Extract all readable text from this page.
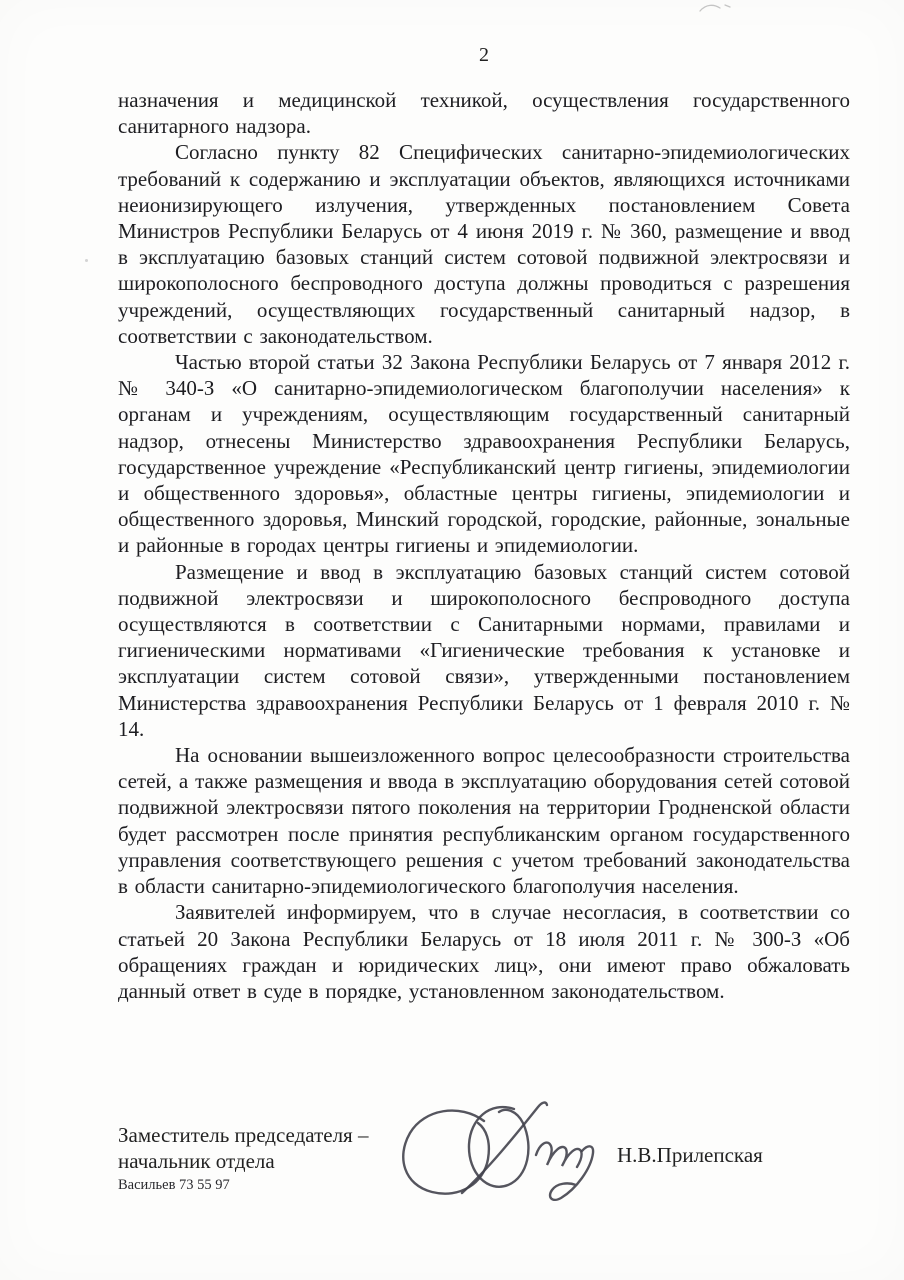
2

назначения и медицинской техникой, осуществления государственного санитарного надзора.

Согласно пункту 82 Специфических санитарно-эпидемиологических требований к содержанию и эксплуатации объектов, являющихся источниками неионизирующего излучения, утвержденных постановлением Совета Министров Республики Беларусь от 4 июня 2019 г. № 360, размещение и ввод в эксплуатацию базовых станций систем сотовой подвижной электросвязи и широкополосного беспроводного доступа должны проводиться с разрешения учреждений, осуществляющих государственный санитарный надзор, в соответствии с законодательством.

Частью второй статьи 32 Закона Республики Беларусь от 7 января 2012 г. № 340-З «О санитарно-эпидемиологическом благополучии населения» к органам и учреждениям, осуществляющим государственный санитарный надзор, отнесены Министерство здравоохранения Республики Беларусь, государственное учреждение «Республиканский центр гигиены, эпидемиологии и общественного здоровья», областные центры гигиены, эпидемиологии и общественного здоровья, Минский городской, городские, районные, зональные и районные в городах центры гигиены и эпидемиологии.

Размещение и ввод в эксплуатацию базовых станций систем сотовой подвижной электросвязи и широкополосного беспроводного доступа осуществляются в соответствии с Санитарными нормами, правилами и гигиеническими нормативами «Гигиенические требования к установке и эксплуатации систем сотовой связи», утвержденными постановлением Министерства здравоохранения Республики Беларусь от 1 февраля 2010 г. № 14.

На основании вышеизложенного вопрос целесообразности строительства сетей, а также размещения и ввода в эксплуатацию оборудования сетей сотовой подвижной электросвязи пятого поколения на территории Гродненской области будет рассмотрен после принятия республиканским органом государственного управления соответствующего решения с учетом требований законодательства в области санитарно-эпидемиологического благополучия населения.

Заявителей информируем, что в случае несогласия, в соответствии со статьей 20 Закона Республики Беларусь от 18 июля 2011 г. № 300-З «Об обращениях граждан и юридических лиц», они имеют право обжаловать данный ответ в суде в порядке, установленном законодательством.

Заместитель председателя –
начальник отдела
Васильев 73 55 97
Н.В.Прилепская
